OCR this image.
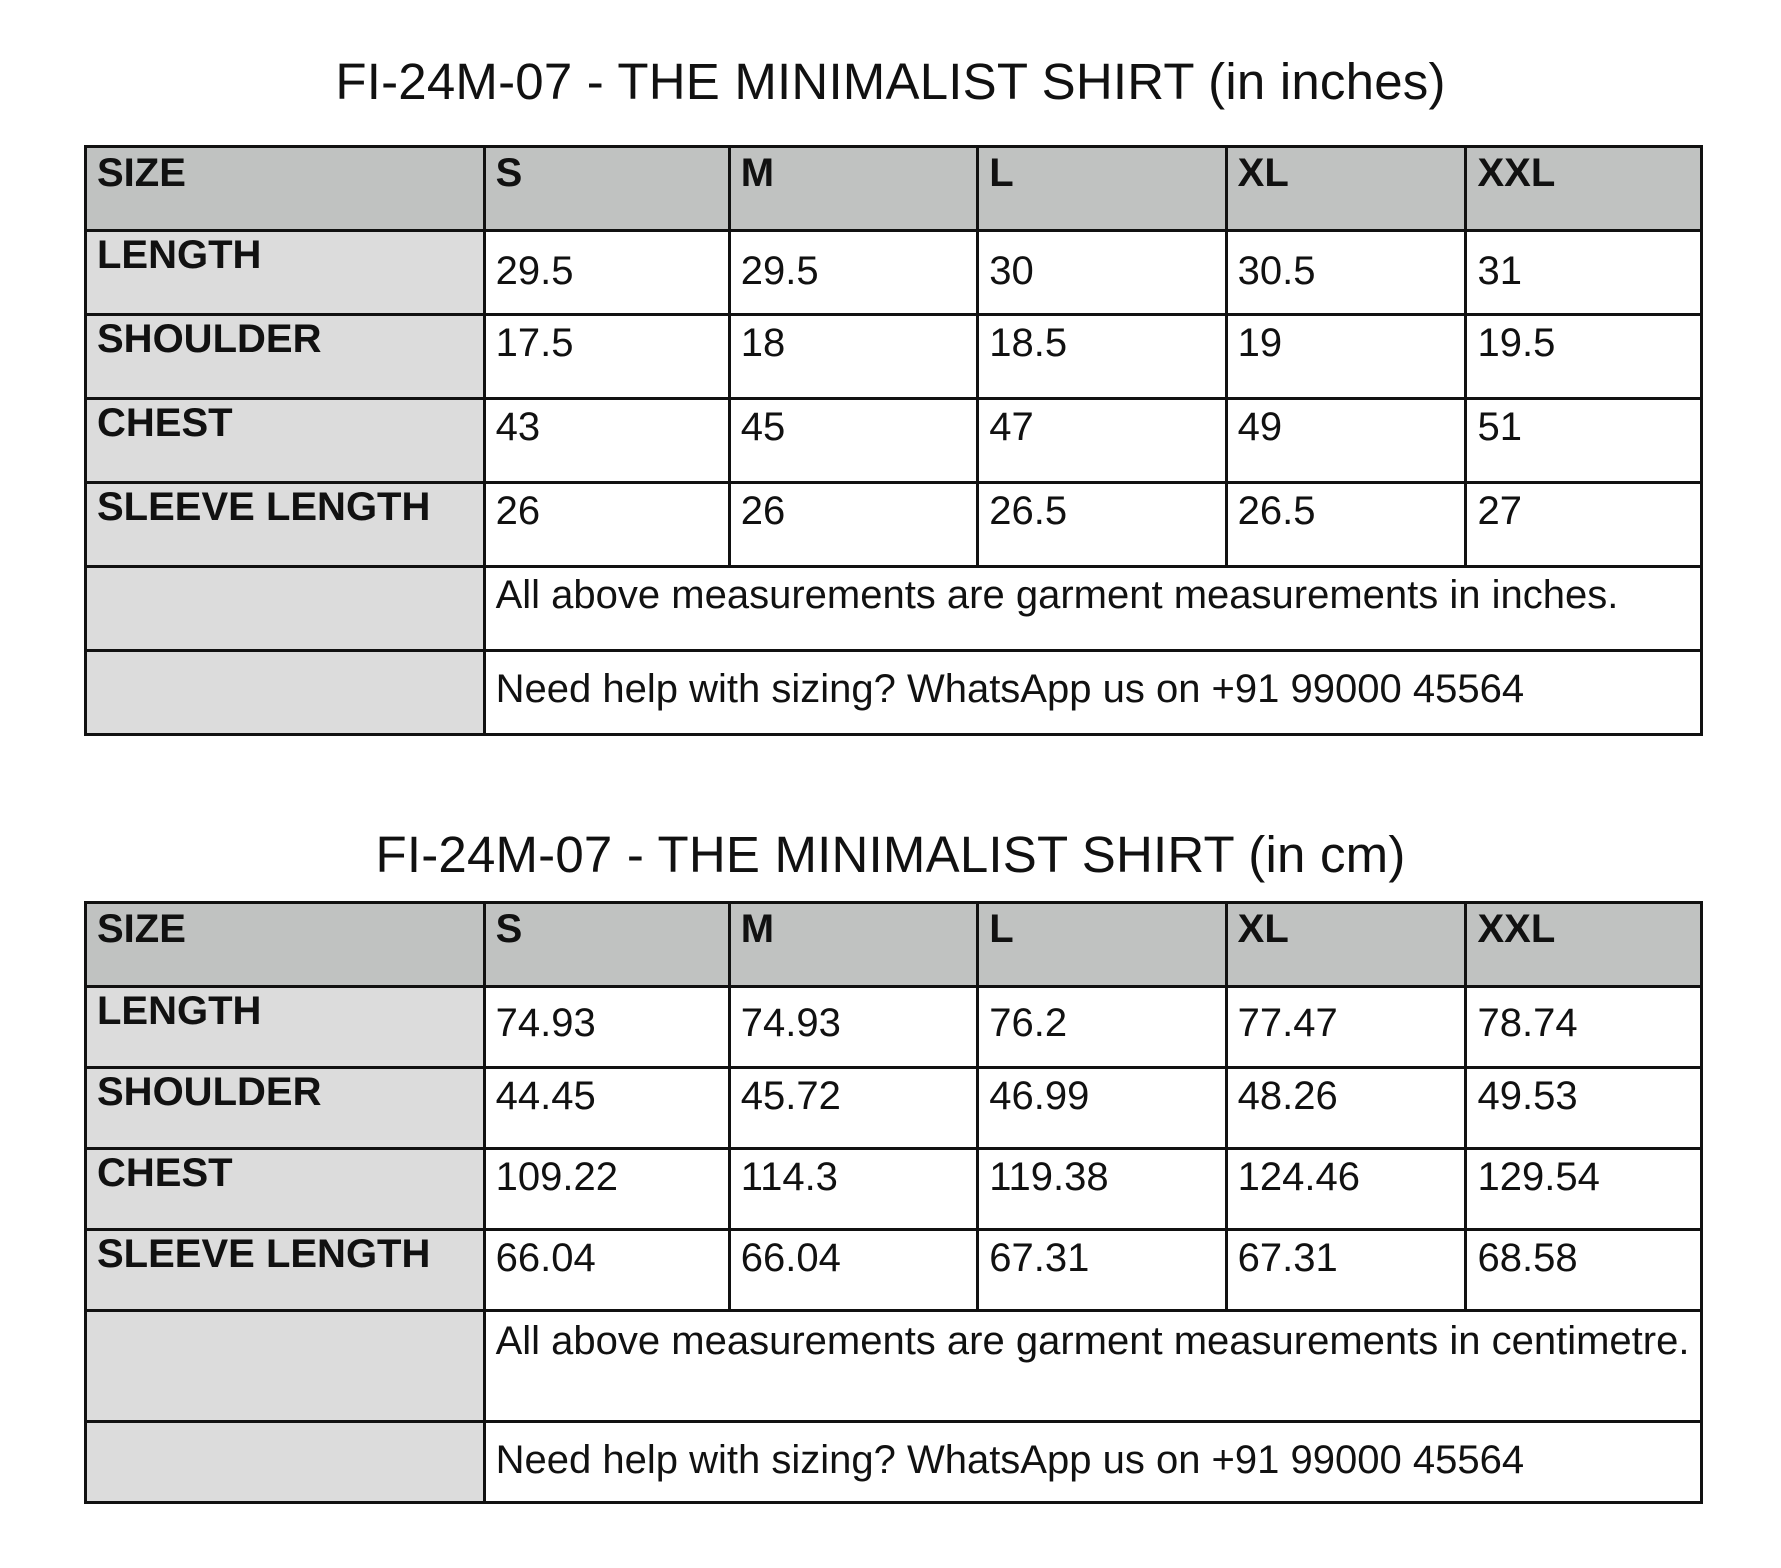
FI-24M-07 - THE MINIMALIST SHIRT (in inches)
SIZE	S	M	L	XL	XXL
LENGTH	29.5	29.5	30	30.5	31
SHOULDER	17.5	18	18.5	19	19.5
CHEST	43	45	47	49	51
SLEEVE LENGTH	26	26	26.5	26.5	27
	All above measurements are garment measurements in inches.				
	Need help with sizing? WhatsApp us on +91 99000 45564				
FI-24M-07 - THE MINIMALIST SHIRT (in cm)
SIZE	S	M	L	XL	XXL
LENGTH	74.93	74.93	76.2	77.47	78.74
SHOULDER	44.45	45.72	46.99	48.26	49.53
CHEST	109.22	114.3	119.38	124.46	129.54
SLEEVE LENGTH	66.04	66.04	67.31	67.31	68.58
	All above measurements are garment measurements in centimetre.				
	Need help with sizing? WhatsApp us on +91 99000 45564				
